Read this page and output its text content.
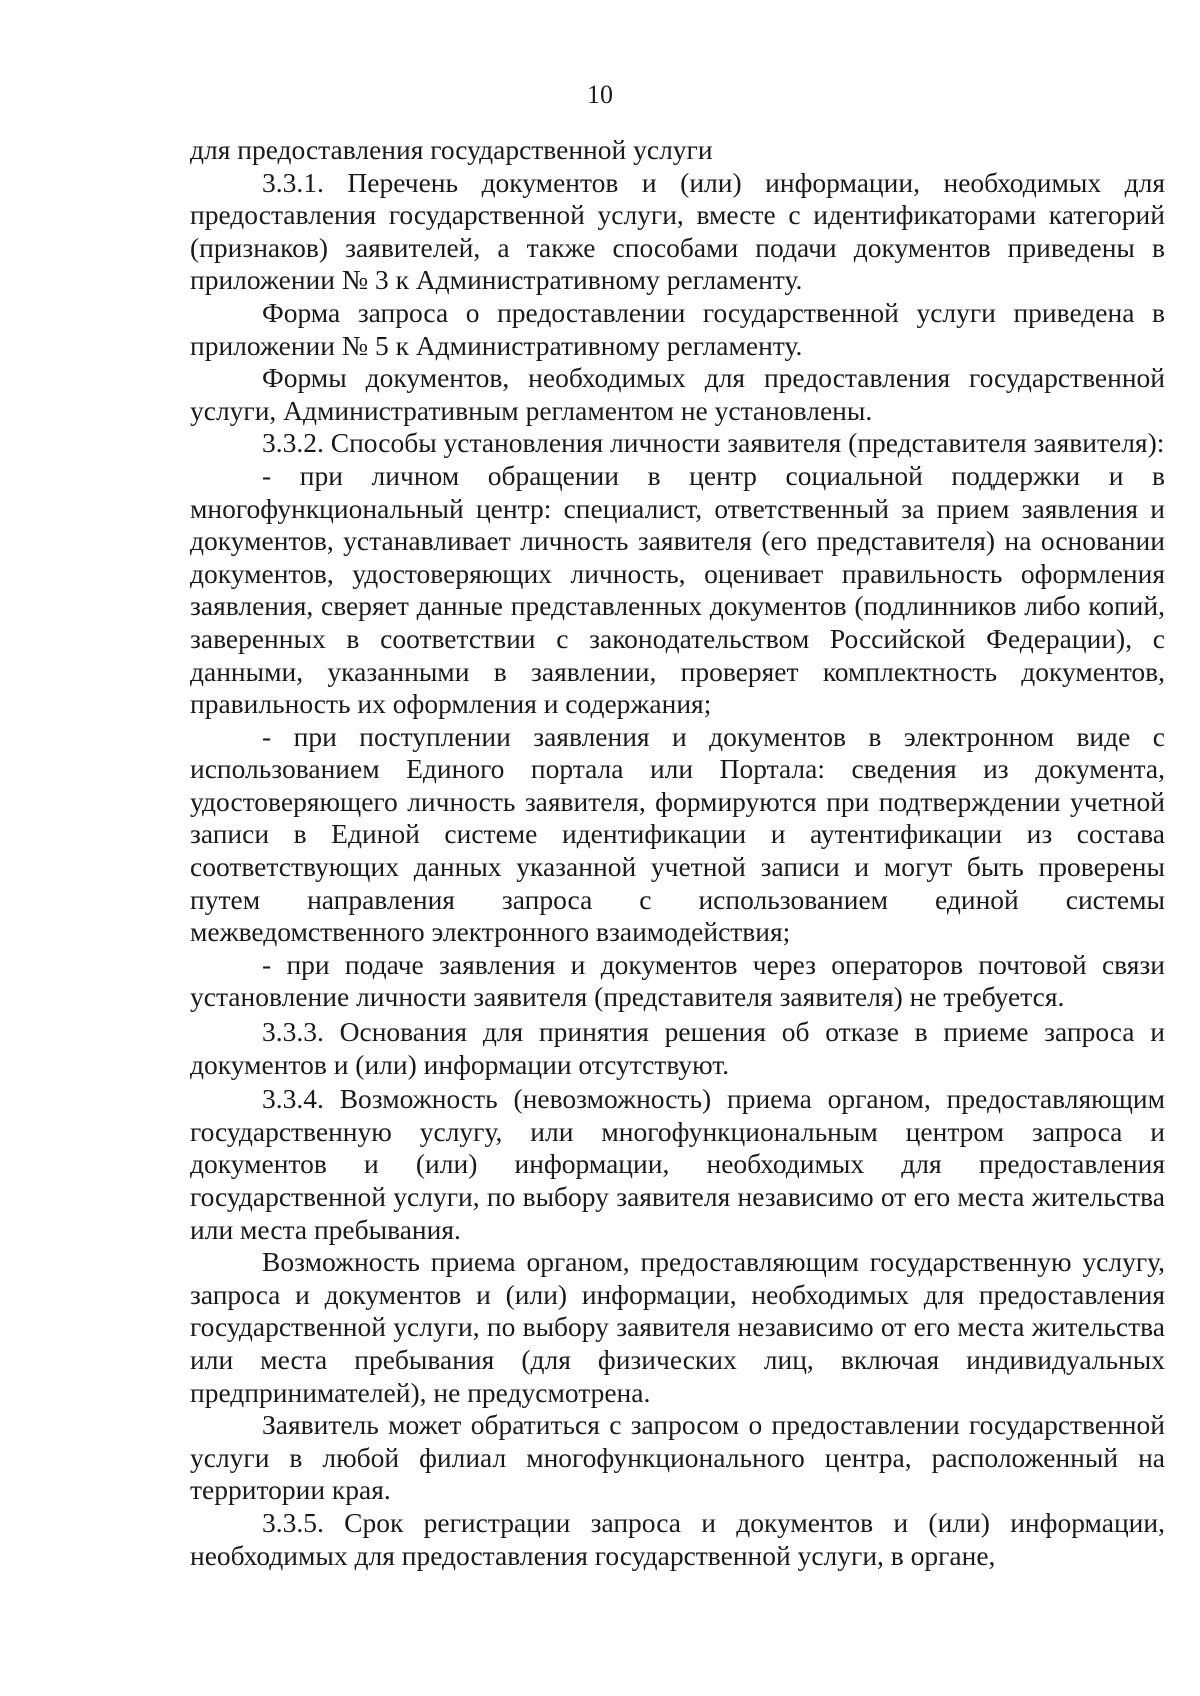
10

для предоставления государственной услуги

3.3.1. Перечень документов и (или) информации, необходимых для предоставления государственной услуги, вместе с идентификаторами категорий (признаков) заявителей, а также способами подачи документов приведены в приложении № 3 к Административному регламенту.

Форма запроса о предоставлении государственной услуги приведена в приложении № 5 к Административному регламенту.

Формы документов, необходимых для предоставления государственной услуги, Административным регламентом не установлены.

3.3.2. Способы установления личности заявителя (представителя заявителя):

- при личном обращении в центр социальной поддержки и в многофункциональный центр: специалист, ответственный за прием заявления и документов, устанавливает личность заявителя (его представителя) на основании документов, удостоверяющих личность, оценивает правильность оформления заявления, сверяет данные представленных документов (подлинников либо копий, заверенных в соответствии с законодательством Российской Федерации), с данными, указанными в заявлении, проверяет комплектность документов, правильность их оформления и содержания;

- при поступлении заявления и документов в электронном виде с использованием Единого портала или Портала: сведения из документа, удостоверяющего личность заявителя, формируются при подтверждении учетной записи в Единой системе идентификации и аутентификации из состава соответствующих данных указанной учетной записи и могут быть проверены путем направления запроса с использованием единой системы межведомственного электронного взаимодействия;

- при подаче заявления и документов через операторов почтовой связи установление личности заявителя (представителя заявителя) не требуется.

3.3.3. Основания для принятия решения об отказе в приеме запроса и документов и (или) информации отсутствуют.

3.3.4. Возможность (невозможность) приема органом, предоставляющим государственную услугу, или многофункциональным центром запроса и документов и (или) информации, необходимых для предоставления государственной услуги, по выбору заявителя независимо от его места жительства или места пребывания.

Возможность приема органом, предоставляющим государственную услугу, запроса и документов и (или) информации, необходимых для предоставления государственной услуги, по выбору заявителя независимо от его места жительства или места пребывания (для физических лиц, включая индивидуальных предпринимателей), не предусмотрена.

Заявитель может обратиться с запросом о предоставлении государственной услуги в любой филиал многофункционального центра, расположенный на территории края.

3.3.5. Срок регистрации запроса и документов и (или) информации, необходимых для предоставления государственной услуги, в органе,
